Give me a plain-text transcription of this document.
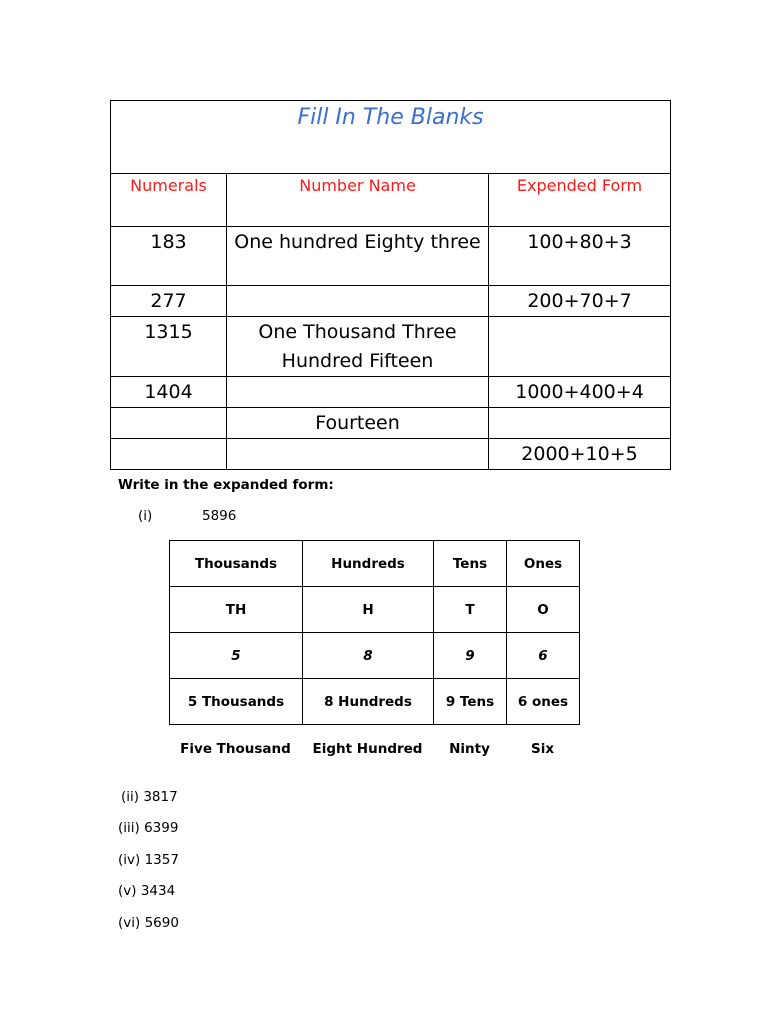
Fill In The Blanks		
Numerals	Number Name	Expended Form
183	One hundred Eighty three	100+80+3
277		200+70+7
1315	One Thousand Three Hundred Fifteen	
1404		1000+400+4
	Fourteen	
		2000+10+5
Write in the expanded form:
(i)	5896
Thousands	Hundreds	Tens	Ones
TH	H	T	O
5	8	9	6
5 Thousands	8 Hundreds	9 Tens	6 ones
Five Thousand	Eight Hundred	Ninty	Six
(ii) 3817
(iii) 6399
(iv) 1357
(v) 3434
(vi) 5690
